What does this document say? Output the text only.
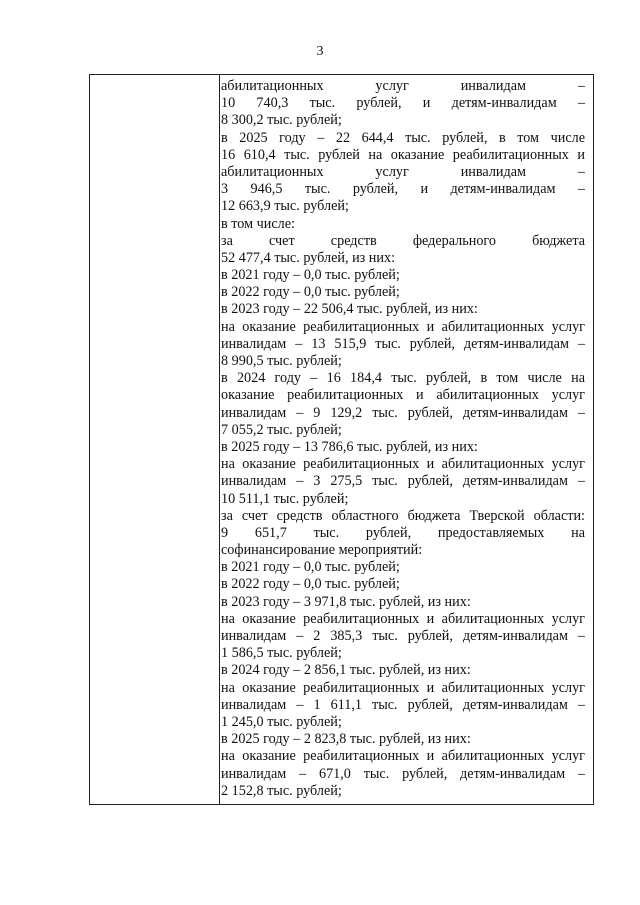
3
абилитационных услуг инвалидам –
10 740,3 тыс. рублей, и детям-инвалидам –
8 300,2 тыс. рублей;
в 2025 году – 22 644,4 тыс. рублей, в том числе
16 610,4 тыс. рублей на оказание реабилитационных и
абилитационных услуг инвалидам –
3 946,5 тыс. рублей, и детям-инвалидам –
12 663,9 тыс. рублей;
в том числе:
за счет средств федерального бюджета
52 477,4 тыс. рублей, из них:
в 2021 году – 0,0 тыс. рублей;
в 2022 году – 0,0 тыс. рублей;
в 2023 году – 22 506,4 тыс. рублей, из них:
на оказание реабилитационных и абилитационных услуг
инвалидам – 13 515,9 тыс. рублей, детям-инвалидам –
8 990,5 тыс. рублей;
в 2024 году – 16 184,4 тыс. рублей, в том числе на
оказание реабилитационных и абилитационных услуг
инвалидам – 9 129,2 тыс. рублей, детям-инвалидам –
7 055,2 тыс. рублей;
в 2025 году – 13 786,6 тыс. рублей, из них:
на оказание реабилитационных и абилитационных услуг
инвалидам – 3 275,5 тыс. рублей, детям-инвалидам –
10 511,1 тыс. рублей;
за счет средств областного бюджета Тверской области:
9 651,7 тыс. рублей, предоставляемых на
софинансирование мероприятий:
в 2021 году – 0,0 тыс. рублей;
в 2022 году – 0,0 тыс. рублей;
в 2023 году – 3 971,8 тыс. рублей, из них:
на оказание реабилитационных и абилитационных услуг
инвалидам – 2 385,3 тыс. рублей, детям-инвалидам –
1 586,5 тыс. рублей;
в 2024 году – 2 856,1 тыс. рублей, из них:
на оказание реабилитационных и абилитационных услуг
инвалидам – 1 611,1 тыс. рублей, детям-инвалидам –
1 245,0 тыс. рублей;
в 2025 году – 2 823,8 тыс. рублей, из них:
на оказание реабилитационных и абилитационных услуг
инвалидам – 671,0 тыс. рублей, детям-инвалидам –
2 152,8 тыс. рублей;
